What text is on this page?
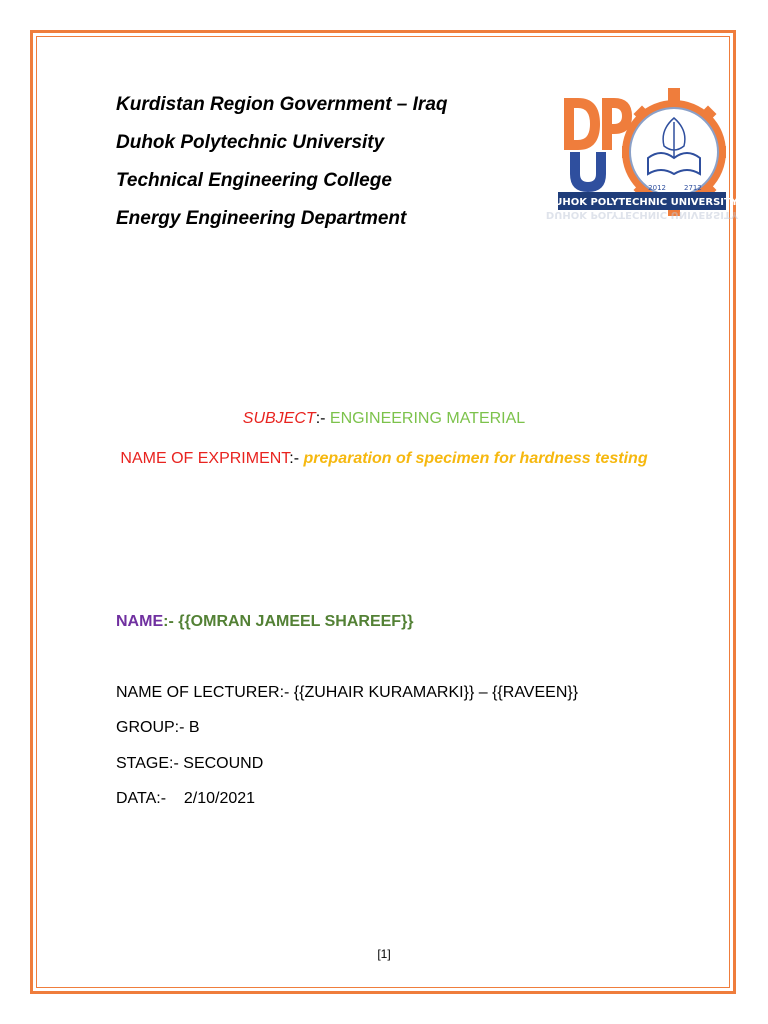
Kurdistan Region Government – Iraq
Duhok Polytechnic University
Technical Engineering College
Energy Engineering Department
2012	2712
DUHOK POLYTECHNIC UNIVERSITY
DUHOK POLYTECHNIC UNIVERSITY
SUBJECT:- ENGINEERING MATERIAL
NAME OF EXPRIMENT:- preparation of specimen for hardness testing
NAME:- {{OMRAN JAMEEL SHAREEF}}
NAME OF LECTURER:- {{ZUHAIR KURAMARKI}} – {{RAVEEN}}
GROUP:- B
STAGE:- SECOUND
DATA:-    2/10/2021
[1]
